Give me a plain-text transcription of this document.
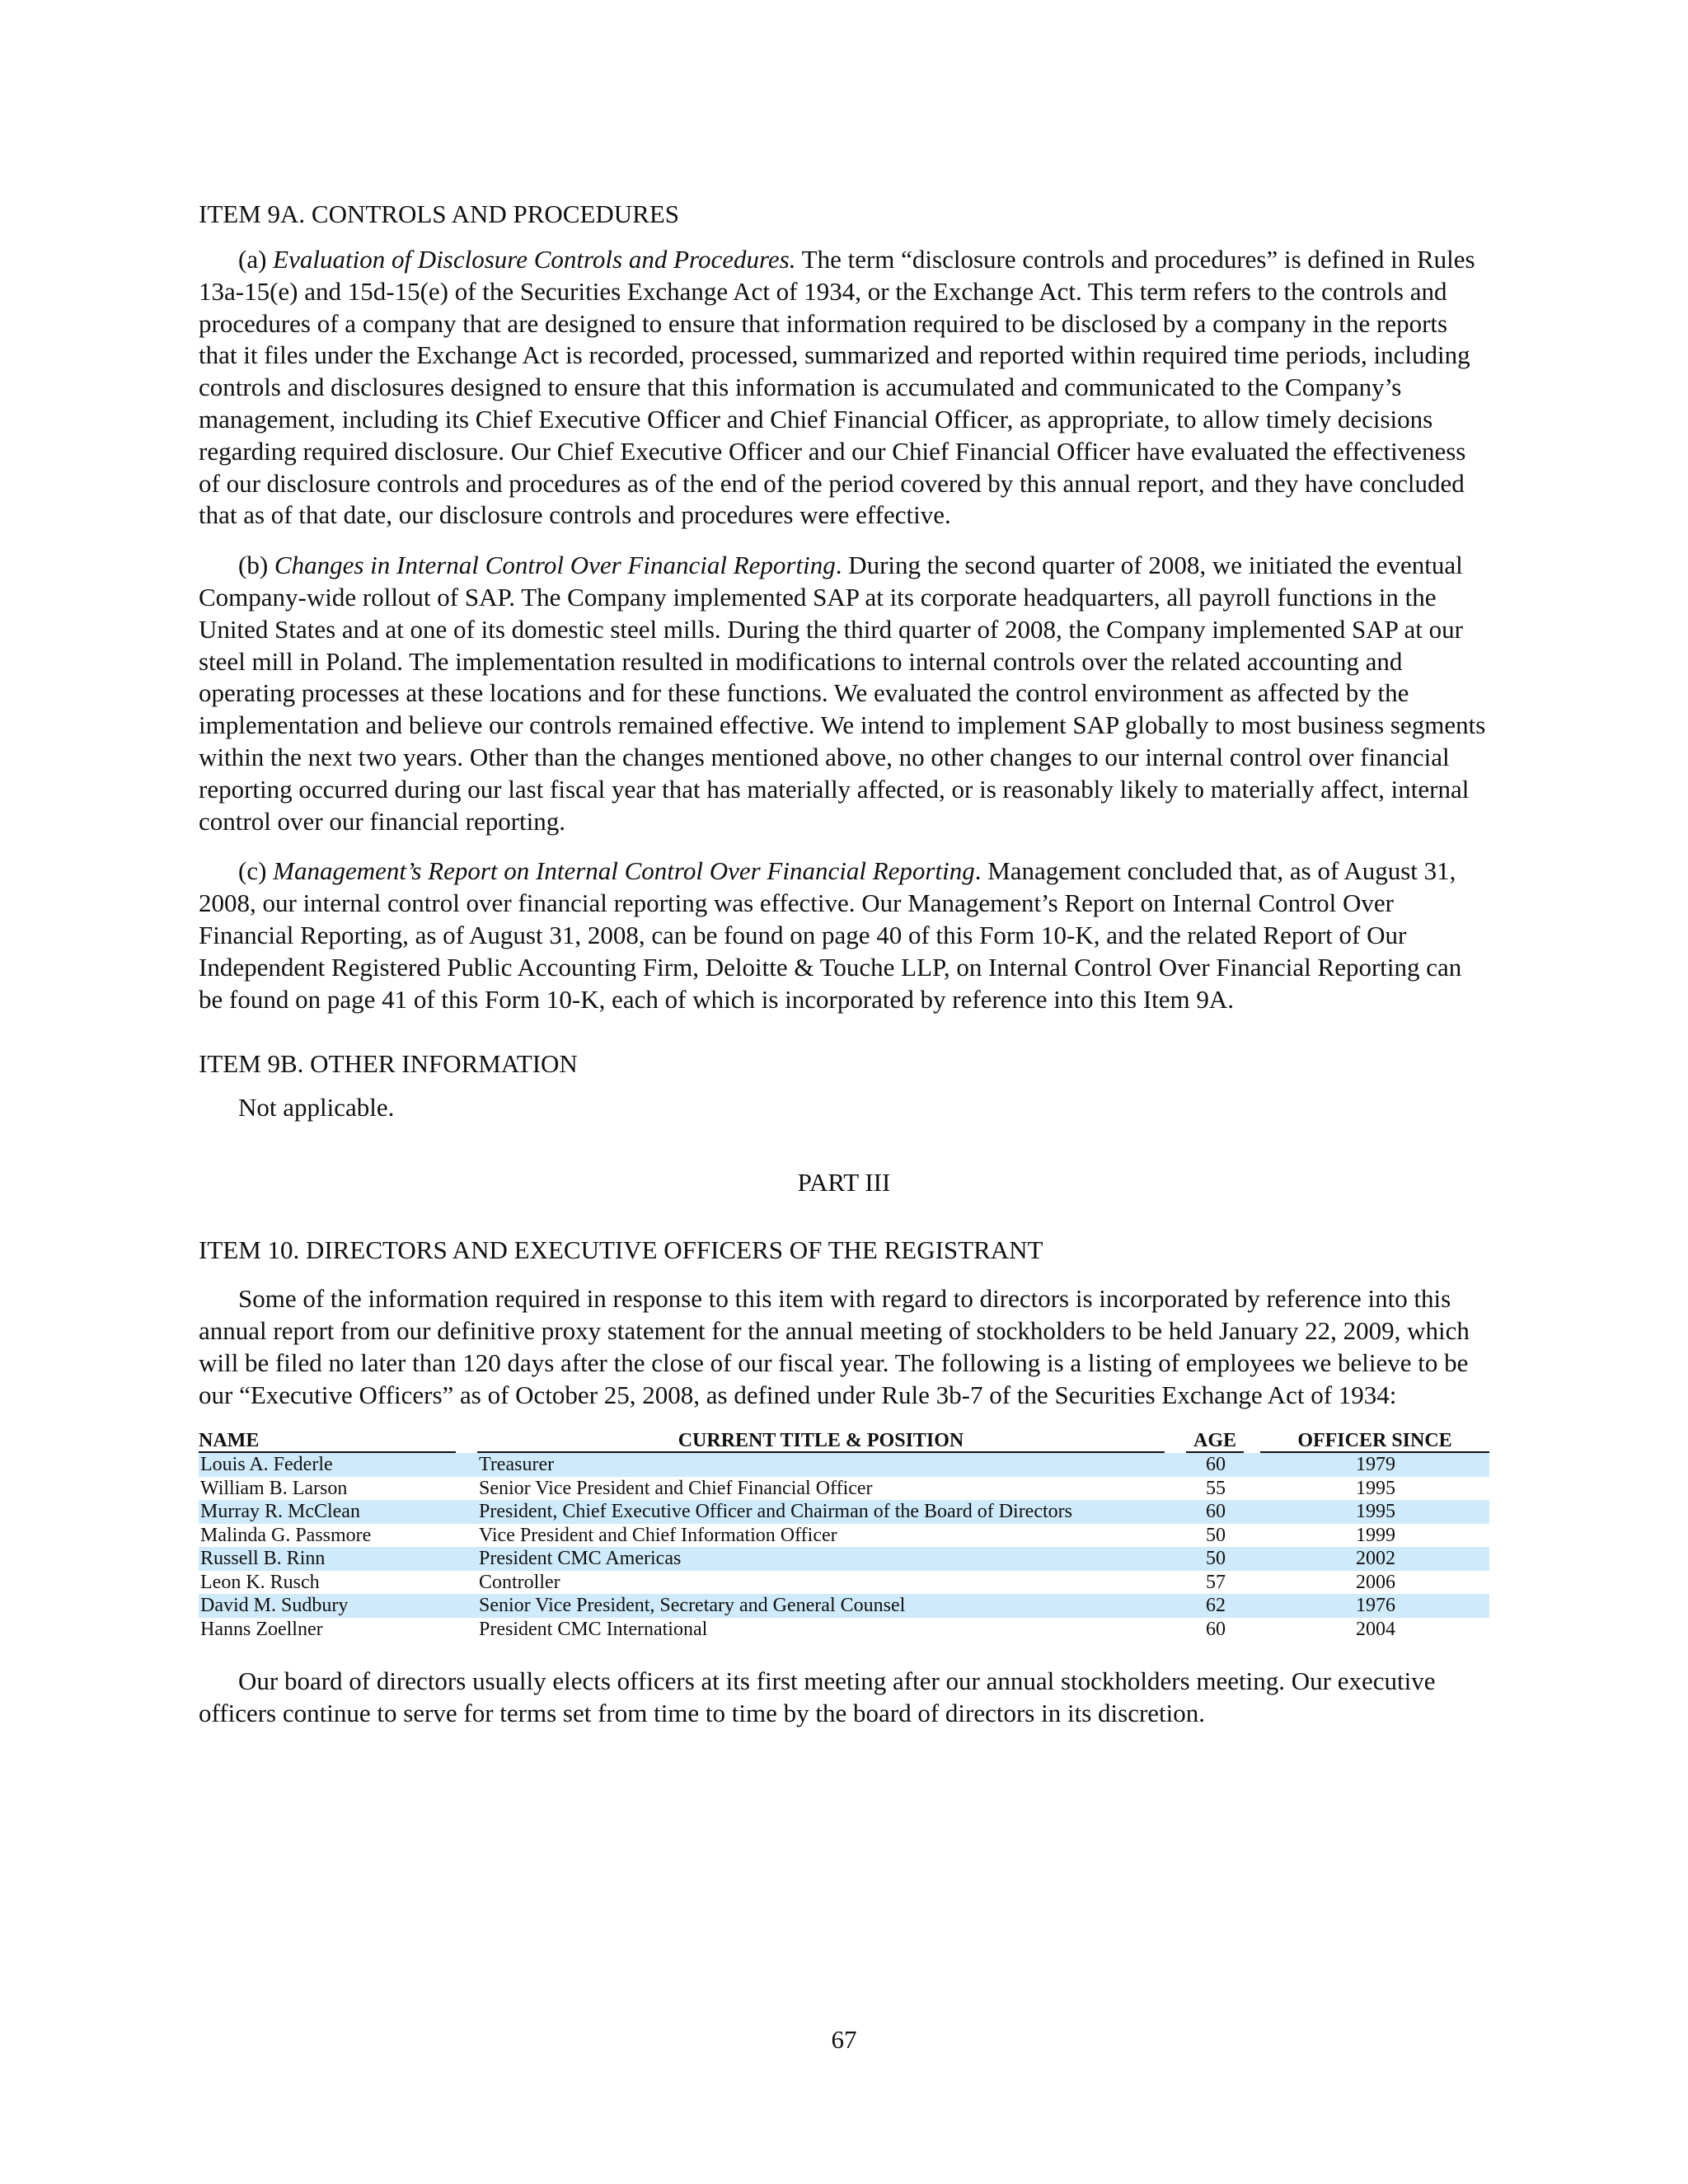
ITEM 9A. CONTROLS AND PROCEDURES

(a) Evaluation of Disclosure Controls and Procedures. The term “disclosure controls and procedures” is defined in Rules 13a-15(e) and 15d-15(e) of the Securities Exchange Act of 1934, or the Exchange Act. This term refers to the controls and procedures of a company that are designed to ensure that information required to be disclosed by a company in the reports that it files under the Exchange Act is recorded, processed, summarized and reported within required time periods, including controls and disclosures designed to ensure that this information is accumulated and communicated to the Company’s management, including its Chief Executive Officer and Chief Financial Officer, as appropriate, to allow timely decisions regarding required disclosure. Our Chief Executive Officer and our Chief Financial Officer have evaluated the effectiveness of our disclosure controls and procedures as of the end of the period covered by this annual report, and they have concluded that as of that date, our disclosure controls and procedures were effective.

(b) Changes in Internal Control Over Financial Reporting. During the second quarter of 2008, we initiated the eventual Company-wide rollout of SAP. The Company implemented SAP at its corporate headquarters, all payroll functions in the United States and at one of its domestic steel mills. During the third quarter of 2008, the Company implemented SAP at our steel mill in Poland. The implementation resulted in modifications to internal controls over the related accounting and operating processes at these locations and for these functions. We evaluated the control environment as affected by the implementation and believe our controls remained effective. We intend to implement SAP globally to most business segments within the next two years. Other than the changes mentioned above, no other changes to our internal control over financial reporting occurred during our last fiscal year that has materially affected, or is reasonably likely to materially affect, internal control over our financial reporting.

(c) Management’s Report on Internal Control Over Financial Reporting. Management concluded that, as of August 31, 2008, our internal control over financial reporting was effective. Our Management’s Report on Internal Control Over Financial Reporting, as of August 31, 2008, can be found on page 40 of this Form 10-K, and the related Report of Our Independent Registered Public Accounting Firm, Deloitte & Touche LLP, on Internal Control Over Financial Reporting can be found on page 41 of this Form 10-K, each of which is incorporated by reference into this Item 9A.

ITEM 9B. OTHER INFORMATION

Not applicable.

PART III

ITEM 10. DIRECTORS AND EXECUTIVE OFFICERS OF THE REGISTRANT

Some of the information required in response to this item with regard to directors is incorporated by reference into this annual report from our definitive proxy statement for the annual meeting of stockholders to be held January 22, 2009, which will be filed no later than 120 days after the close of our fiscal year. The following is a listing of employees we believe to be our “Executive Officers” as of October 25, 2008, as defined under Rule 3b-7 of the Securities Exchange Act of 1934:

NAME		CURRENT TITLE & POSITION		AGE		OFFICER SINCE

Louis A. Federle		Treasurer		60		1979
William B. Larson		Senior Vice President and Chief Financial Officer		55		1995
Murray R. McClean		President, Chief Executive Officer and Chairman of the Board of Directors		60		1995
Malinda G. Passmore		Vice President and Chief Information Officer		50		1999
Russell B. Rinn		President CMC Americas		50		2002
Leon K. Rusch		Controller		57		2006
David M. Sudbury		Senior Vice President, Secretary and General Counsel		62		1976
Hanns Zoellner		President CMC International		60		2004

Our board of directors usually elects officers at its first meeting after our annual stockholders meeting. Our executive officers continue to serve for terms set from time to time by the board of directors in its discretion.

67
